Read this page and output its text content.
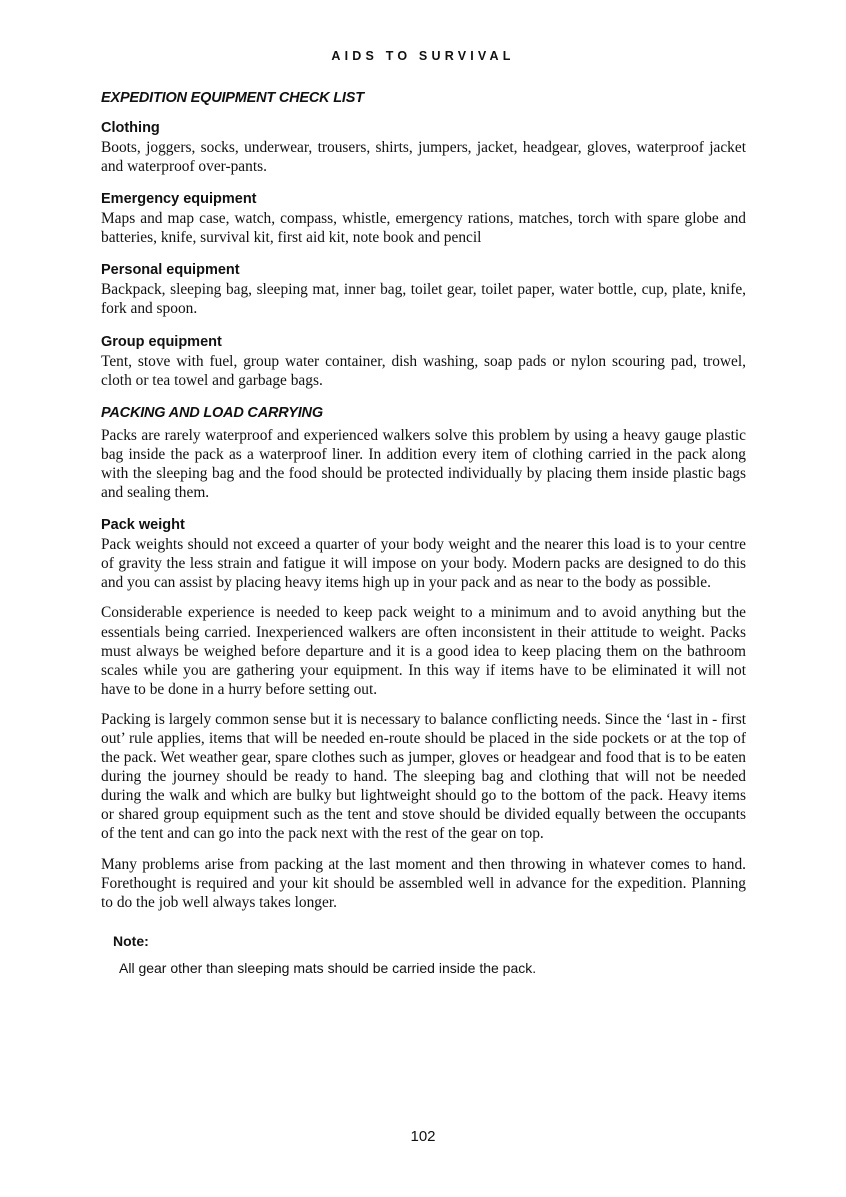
AIDS TO SURVIVAL
EXPEDITION EQUIPMENT CHECK LIST
Clothing

Boots, joggers, socks, underwear, trousers, shirts, jumpers, jacket, headgear, gloves, waterproof jacket and waterproof over-pants.

Emergency equipment

Maps and map case, watch, compass, whistle, emergency rations, matches, torch with spare globe and batteries, knife, survival kit, first aid kit, note book and pencil

Personal equipment

Backpack, sleeping bag, sleeping mat, inner bag, toilet gear, toilet paper, water bottle, cup, plate, knife, fork and spoon.

Group equipment

Tent, stove with fuel, group water container, dish washing, soap pads or nylon scouring pad, trowel, cloth or tea towel and garbage bags.

PACKING AND LOAD CARRYING

Packs are rarely waterproof and experienced walkers solve this problem by using a heavy gauge plastic bag inside the pack as a waterproof liner. In addition every item of clothing carried in the pack along with the sleeping bag and the food should be protected individually by placing them inside plastic bags and sealing them.

Pack weight

Pack weights should not exceed a quarter of your body weight and the nearer this load is to your centre of gravity the less strain and fatigue it will impose on your body. Modern packs are designed to do this and you can assist by placing heavy items high up in your pack and as near to the body as possible.

Considerable experience is needed to keep pack weight to a minimum and to avoid anything but the essentials being carried. Inexperienced walkers are often inconsistent in their attitude to weight. Packs must always be weighed before departure and it is a good idea to keep placing them on the bathroom scales while you are gathering your equipment. In this way if items have to be eliminated it will not have to be done in a hurry before setting out.

Packing is largely common sense but it is necessary to balance conflicting needs. Since the ‘last in - first out’ rule applies, items that will be needed en-route should be placed in the side pockets or at the top of the pack. Wet weather gear, spare clothes such as jumper, gloves or headgear and food that is to be eaten during the journey should be ready to hand. The sleeping bag and clothing that will not be needed during the walk and which are bulky but lightweight should go to the bottom of the pack. Heavy items or shared group equipment such as the tent and stove should be divided equally between the occupants of the tent and can go into the pack next with the rest of the gear on top.

Many problems arise from packing at the last moment and then throwing in whatever comes to hand. Forethought is required and your kit should be assembled well in advance for the expedition. Planning to do the job well always takes longer.

Note:

All gear other than sleeping mats should be carried inside the pack.

102
